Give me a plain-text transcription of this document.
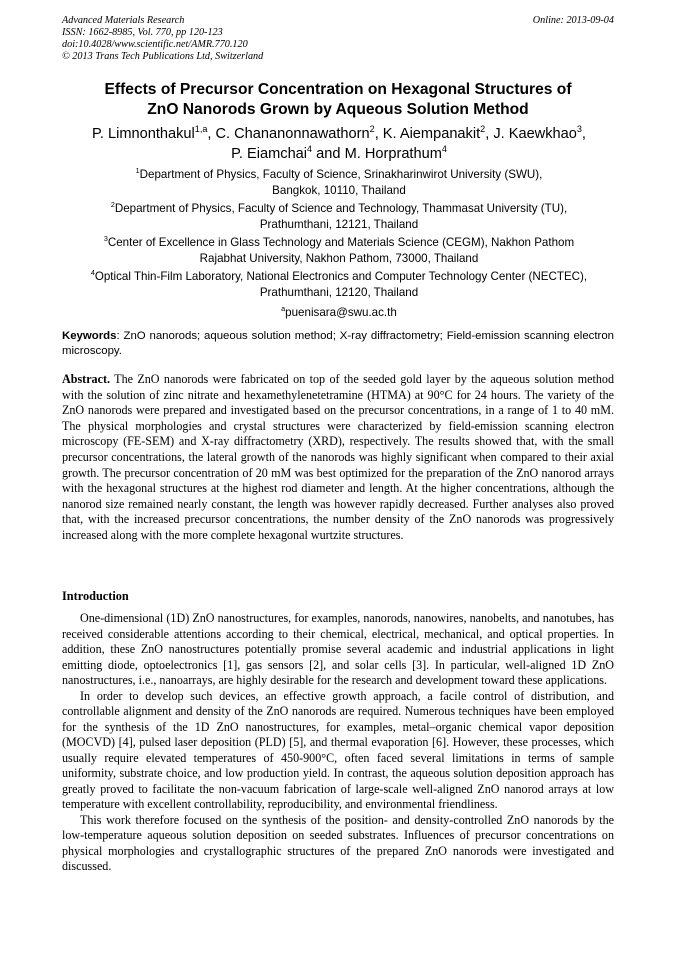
Advanced Materials Research
ISSN: 1662-8985, Vol. 770, pp 120-123
doi:10.4028/www.scientific.net/AMR.770.120
© 2013 Trans Tech Publications Ltd, Switzerland
Online: 2013-09-04
Effects of Precursor Concentration on Hexagonal Structures of
ZnO Nanorods Grown by Aqueous Solution Method
P. Limnonthakul$^{1,a}$, C. Chananonnawathorn$^2$, K. Aiempanakit$^2$, J. Kaewkhao$^3$,
P. Eiamchai$^4$ and M. Horprathum$^4$
$^1$Department of Physics, Faculty of Science, Srinakharinwirot University (SWU),
Bangkok, 10110, Thailand
$^2$Department of Physics, Faculty of Science and Technology, Thammasat University (TU),
Prathumthani, 12121, Thailand
$^3$Center of Excellence in Glass Technology and Materials Science (CEGM), Nakhon Pathom
Rajabhat University, Nakhon Pathom, 73000, Thailand
$^4$Optical Thin-Film Laboratory, National Electronics and Computer Technology Center (NECTEC),
Prathumthani, 12120, Thailand
$^a$puenisara@swu.ac.th
Keywords: ZnO nanorods; aqueous solution method; X-ray diffractometry; Field-emission scanning electron microscopy.
Abstract. The ZnO nanorods were fabricated on top of the seeded gold layer by the aqueous solution method with the solution of zinc nitrate and hexamethylenetetramine (HTMA) at 90°C for 24 hours. The variety of the ZnO nanorods were prepared and investigated based on the precursor concentrations, in a range of 1 to 40 mM. The physical morphologies and crystal structures were characterized by field-emission scanning electron microscopy (FE-SEM) and X-ray diffractometry (XRD), respectively. The results showed that, with the small precursor concentrations, the lateral growth of the nanorods was highly significant when compared to their axial growth. The precursor concentration of 20 mM was best optimized for the preparation of the ZnO nanorod arrays with the hexagonal structures at the highest rod diameter and length. At the higher concentrations, although the nanorod size remained nearly constant, the length was however rapidly decreased. Further analyses also proved that, with the increased precursor concentrations, the number density of the ZnO nanorods was progressively increased along with the more complete hexagonal wurtzite structures.
Introduction

One-dimensional (1D) ZnO nanostructures, for examples, nanorods, nanowires, nanobelts, and nanotubes, has received considerable attentions according to their chemical, electrical, mechanical, and optical properties. In addition, these ZnO nanostructures potentially promise several academic and industrial applications in light emitting diode, optoelectronics [1], gas sensors [2], and solar cells [3]. In particular, well-aligned 1D ZnO nanostructures, i.e., nanoarrays, are highly desirable for the research and development toward these applications.

In order to develop such devices, an effective growth approach, a facile control of distribution, and controllable alignment and density of the ZnO nanorods are required. Numerous techniques have been employed for the synthesis of the 1D ZnO nanostructures, for examples, metal–organic chemical vapor deposition (MOCVD) [4], pulsed laser deposition (PLD) [5], and thermal evaporation [6]. However, these processes, which usually require elevated temperatures of 450-900°C, often faced several limitations in terms of sample uniformity, substrate choice, and low production yield. In contrast, the aqueous solution deposition approach has greatly proved to facilitate the non-vacuum fabrication of large-scale well-aligned ZnO nanorod arrays at low temperature with excellent controllability, reproducibility, and environmental friendliness.

This work therefore focused on the synthesis of the position- and density-controlled ZnO nanorods by the low-temperature aqueous solution deposition on seeded substrates. Influences of precursor concentrations on physical morphologies and crystallographic structures of the prepared ZnO nanorods were investigated and discussed.
